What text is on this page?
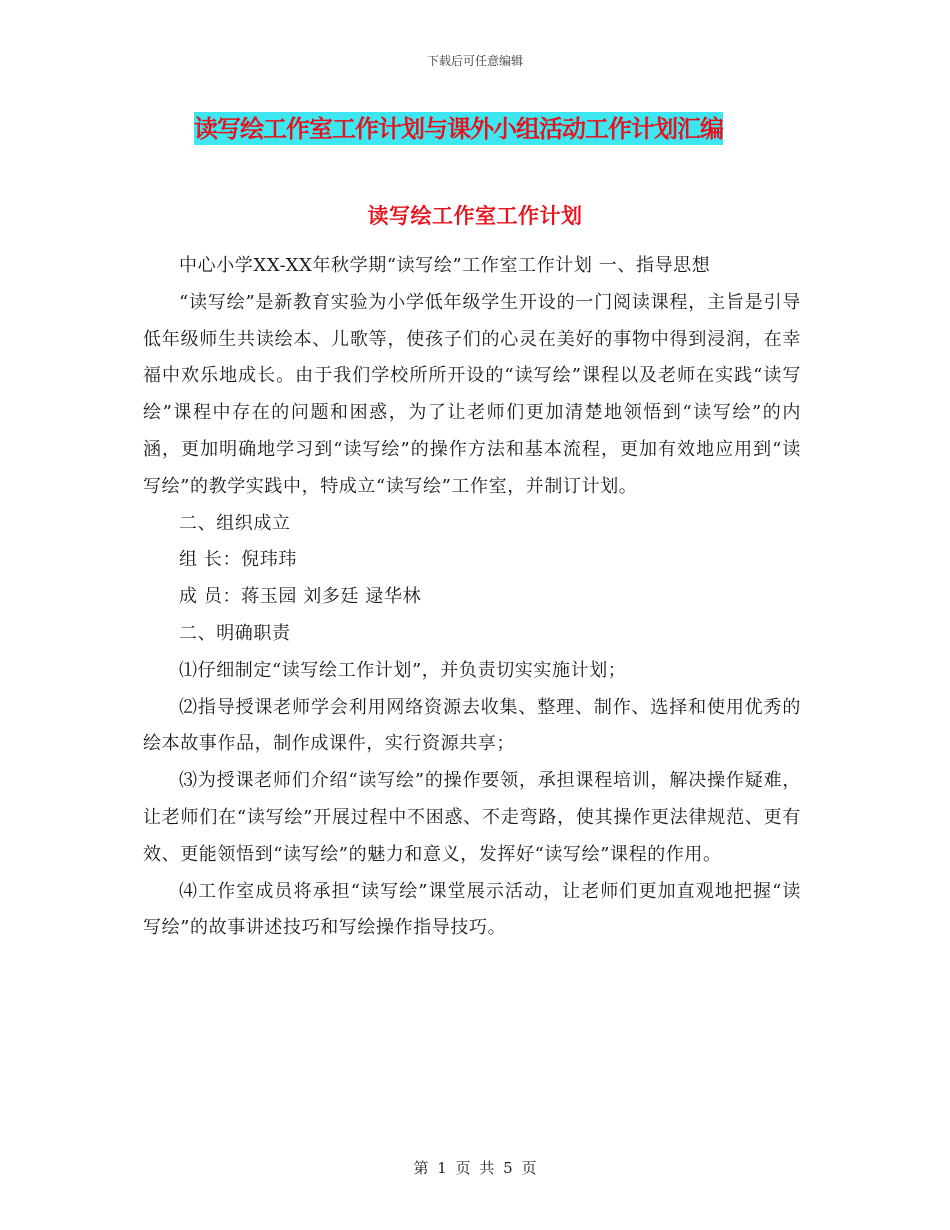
下载后可任意编辑
读写绘工作室工作计划与课外小组活动工作计划汇编
读写绘工作室工作计划

中心小学XX-XX年秋学期“读写绘”工作室工作计划 一、指导思想

“读写绘”是新教育实验为小学低年级学生开设的一门阅读课程，主旨是引导低年级师生共读绘本、儿歌等，使孩子们的心灵在美好的事物中得到浸润，在幸福中欢乐地成长。由于我们学校所所开设的“读写绘”课程以及老师在实践“读写绘”课程中存在的问题和困惑，为了让老师们更加清楚地领悟到“读写绘”的内涵，更加明确地学习到“读写绘”的操作方法和基本流程，更加有效地应用到“读写绘”的教学实践中，特成立“读写绘”工作室，并制订计划。

二、组织成立

组 长：倪玮玮

成 员：蒋玉园 刘多廷 逯华林

二、明确职责

⑴仔细制定“读写绘工作计划”，并负责切实实施计划；

⑵指导授课老师学会利用网络资源去收集、整理、制作、选择和使用优秀的绘本故事作品，制作成课件，实行资源共享；

⑶为授课老师们介绍“读写绘”的操作要领，承担课程培训，解决操作疑难，让老师们在“读写绘”开展过程中不困惑、不走弯路，使其操作更法律规范、更有效、更能领悟到“读写绘”的魅力和意义，发挥好“读写绘”课程的作用。

⑷工作室成员将承担“读写绘”课堂展示活动，让老师们更加直观地把握“读写绘”的故事讲述技巧和写绘操作指导技巧。

第 1 页 共 5 页
